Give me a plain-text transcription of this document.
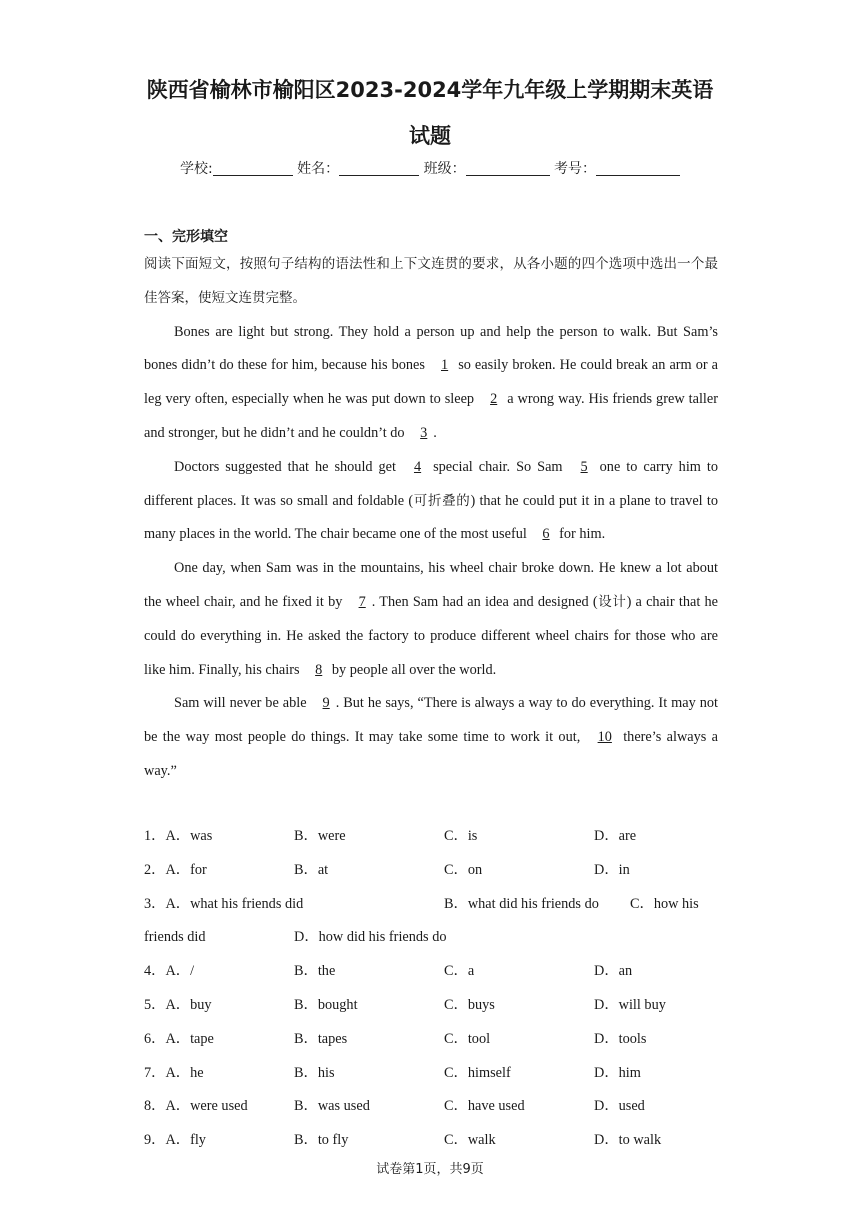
陕西省榆林市榆阳区2023-2024学年九年级上学期期末英语
试题
学校:	姓名：	班级：	考号：
一、完形填空

阅读下面短文，按照句子结构的语法性和上下文连贯的要求，从各小题的四个选项中选出一个最佳答案，使短文连贯完整。

Bones are light but strong. They hold a person up and help the person to walk. But Sam’s bones didn’t do these for him, because his bones 1 so easily broken. He could break an arm or a leg very often, especially when he was put down to sleep 2 a wrong way. His friends grew taller and stronger, but he didn’t and he couldn’t do 3 .

Doctors suggested that he should get 4 special chair. So Sam 5 one to carry him to different places. It was so small and foldable (可折叠的) that he could put it in a plane to travel to many places in the world. The chair became one of the most useful 6 for him.

One day, when Sam was in the mountains, his wheel chair broke down. He knew a lot about the wheel chair, and he fixed it by 7 . Then Sam had an idea and designed (设计) a chair that he could do everything in. He asked the factory to produce different wheel chairs for those who are like him. Finally, his chairs 8 by people all over the world.

Sam will never be able 9 . But he says, “There is always a way to do everything. It may not be the way most people do things. It may take some time to work it out, 10 there’s always a way.”

1．A．was	B．were	C．is	D．are
2．A．for	B．at	C．on	D．in
3．A．what his friends did	B．what did his friends do C．how his
friends did	D．how did his friends do
4．A．/	B．the	C．a	D．an
5．A．buy	B．bought	C．buys	D．will buy
6．A．tape	B．tapes	C．tool	D．tools
7．A．he	B．his	C．himself	D．him
8．A．were used	B．was used	C．have used	D．used
9．A．fly	B．to fly	C．walk	D．to walk
试卷第1页，共9页
